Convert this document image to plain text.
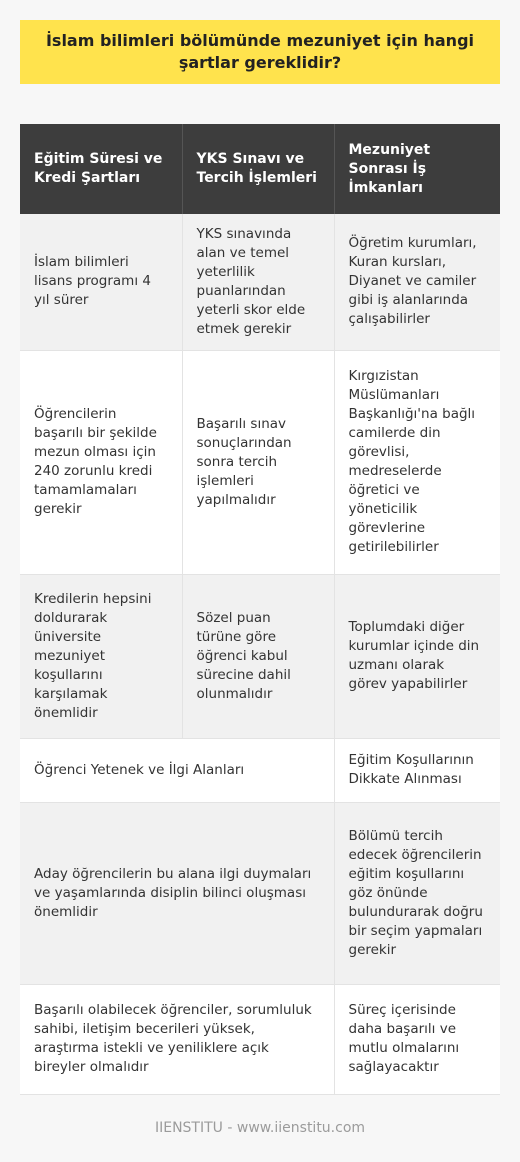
İslam bilimleri bölümünde mezuniyet için hangi şartlar gereklidir?

Eğitim Süresi ve Kredi Şartları	YKS Sınavı ve Tercih İşlemleri	Mezuniyet Sonrası İş İmkanları
İslam bilimleri lisans programı 4 yıl sürer	YKS sınavında alan ve temel yeterlilik puanlarından yeterli skor elde etmek gerekir	Öğretim kurumları, Kuran kursları, Diyanet ve camiler gibi iş alanlarında çalışabilirler
Öğrencilerin başarılı bir şekilde mezun olması için 240 zorunlu kredi tamamlamaları gerekir	Başarılı sınav sonuçlarından sonra tercih işlemleri yapılmalıdır	Kırgızistan Müslümanları Başkanlığı'na bağlı camilerde din görevlisi, medreselerde öğretici ve yöneticilik görevlerine getirilebilirler
Kredilerin hepsini doldurarak üniversite mezuniyet koşullarını karşılamak önemlidir	Sözel puan türüne göre öğrenci kabul sürecine dahil olunmalıdır	Toplumdaki diğer kurumlar içinde din uzmanı olarak görev yapabilirler
Öğrenci Yetenek ve İlgi Alanları		Eğitim Koşullarının Dikkate Alınması
Aday öğrencilerin bu alana ilgi duymaları ve yaşamlarında disiplin bilinci oluşması önemlidir		Bölümü tercih edecek öğrencilerin eğitim koşullarını göz önünde bulundurarak doğru bir seçim yapmaları gerekir
Başarılı olabilecek öğrenciler, sorumluluk sahibi, iletişim becerileri yüksek, araştırma istekli ve yeniliklere açık bireyler olmalıdır		Süreç içerisinde daha başarılı ve mutlu olmalarını sağlayacaktır

IIENSTITU - www.iienstitu.com
